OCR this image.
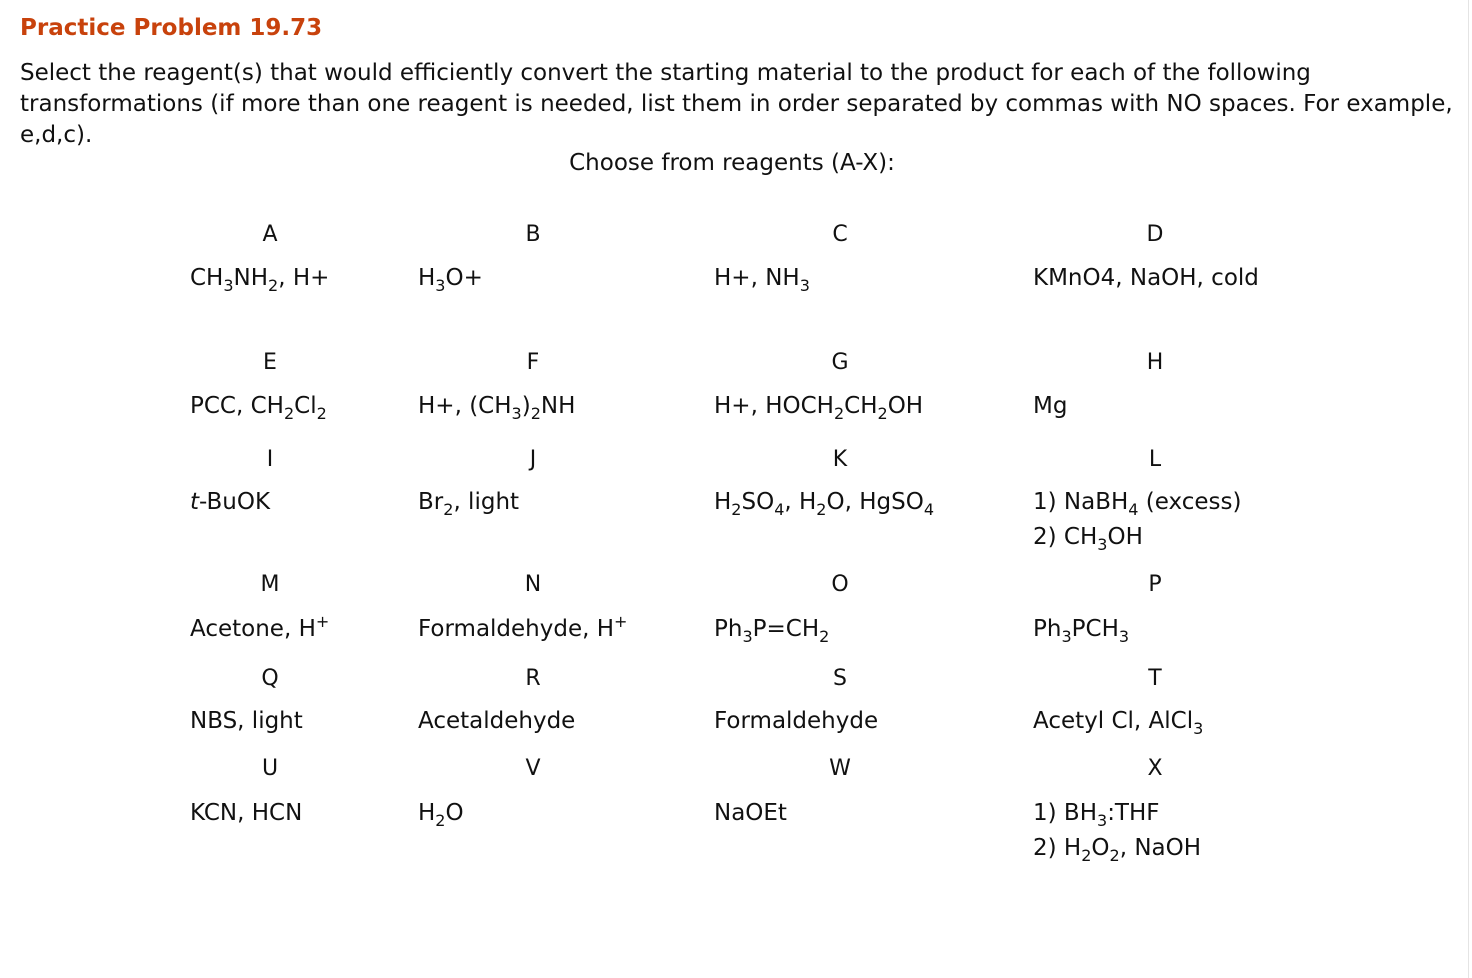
Practice Problem 19.73
Select the reagent(s) that would efficiently convert the starting material to the product for each of the following transformations (if more than one reagent is needed, list them in order separated by commas with NO spaces. For example, e,d,c).
Choose from reagents (A-X):
A
$CH_3NH_2$, H+
B
$H_3O+$
C
H+, $NH_3$
D
KMnO4, NaOH, cold
E
PCC, $CH_2Cl_2$
F
H+, $(CH_3)_2NH$
G
H+, $HOCH_2CH_2OH$
H
Mg
I
t-BuOK
J
$Br_2$, light
K
$H_2SO_4$, $H_2O$, HgSO$_4$
L
1) NaBH$_4$ (excess)
2) $CH_3OH$
M
Acetone, H+
N
Formaldehyde, H+
O
$Ph_3P=CH_2$
P
$Ph_3PCH_3$
Q
NBS, light
R
Acetaldehyde
S
Formaldehyde
T
Acetyl Cl, AlCl$_3$
U
KCN, HCN
V
$H_2O$
W
NaOEt
X
1) $BH_3:THF$
2) $H_2O_2$, NaOH
